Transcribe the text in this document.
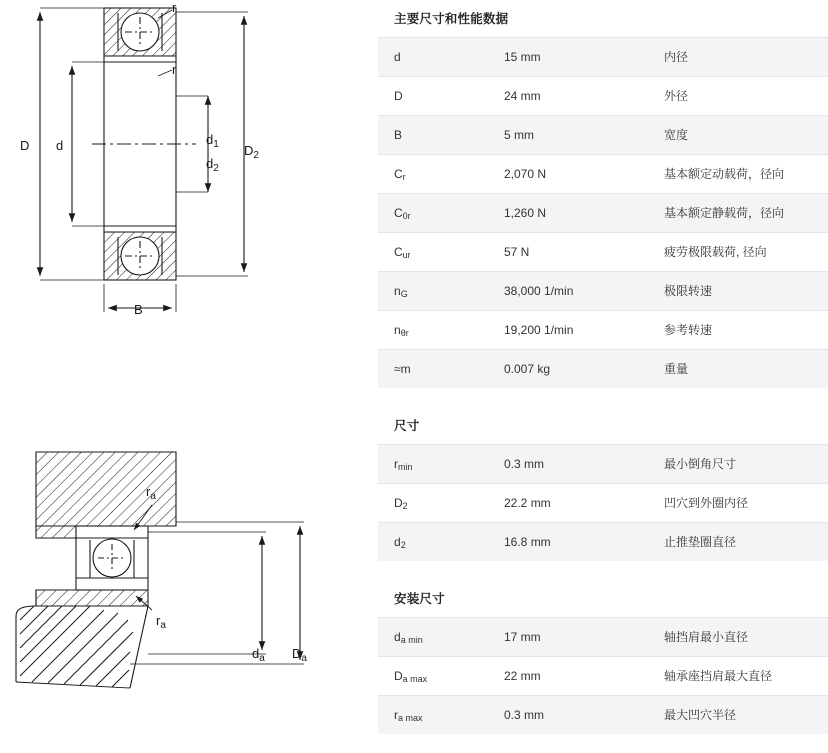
r
r
D d	$d_1$
$d_2$
$D_2$
B
$r_a$
$r_a$
$d_a$ $D_a$
主要尺寸和性能数据
d	15 mm	内径
D	24 mm	外径
B	5 mm	宽度
$C_r$	2,070 N	基本额定动载荷，径向
$C_{0r}$	1,260 N	基本额定静载荷，径向
$C_{ur}$	57 N	疲劳极限载荷, 径向
$n_G$	38,000 1/min	极限转速
$n_{\theta r}$	19,200 1/min	参考转速
≈m	0.007 kg	重量
尺寸
$r_{min}$	0.3 mm	最小倒角尺寸
$D_2$	22.2 mm	凹穴到外圈内径
$d_2$	16.8 mm	止推垫圈直径
安装尺寸
$d_{a min}$	17 mm	轴挡肩最小直径
$D_{a max}$	22 mm	轴承座挡肩最大直径
$r_{a max}$	0.3 mm	最大凹穴半径
